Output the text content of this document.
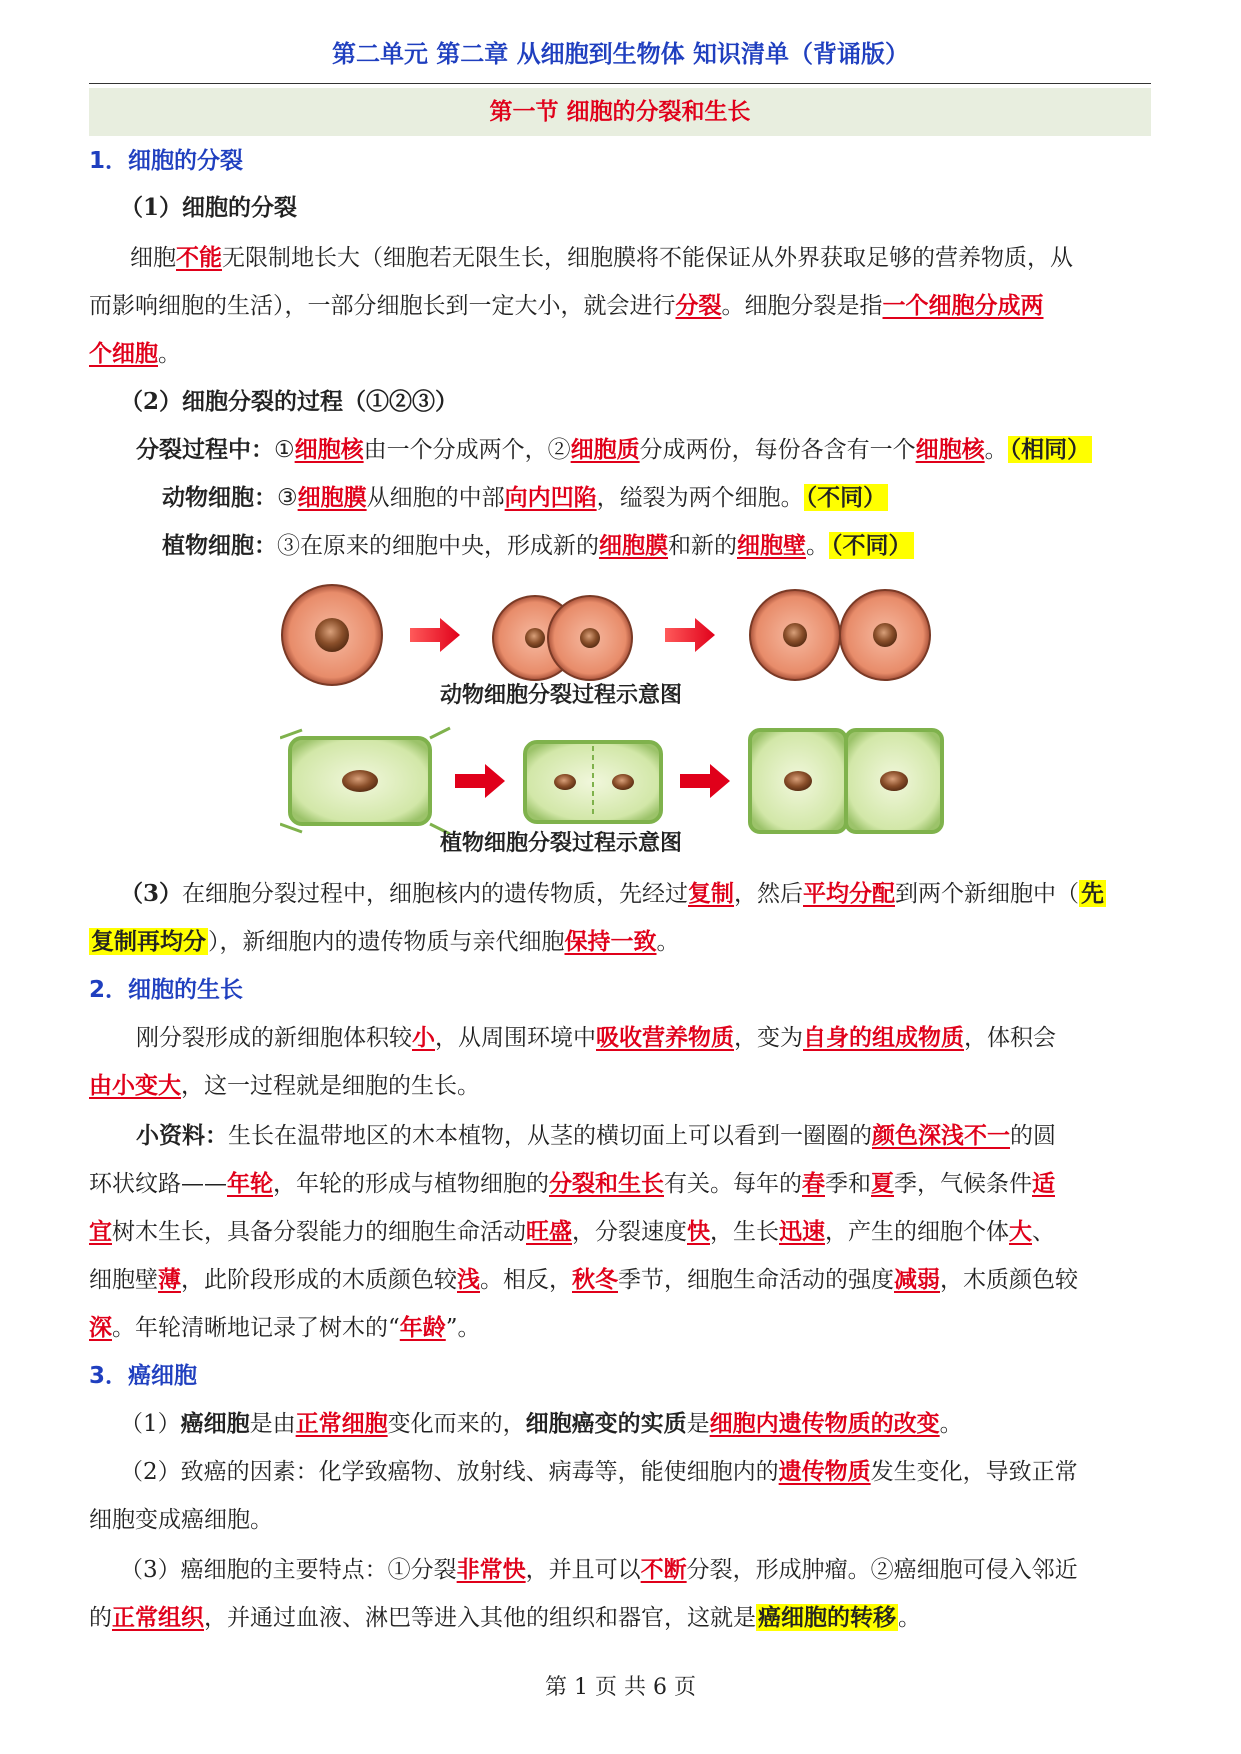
第二单元 第二章 从细胞到生物体 知识清单（背诵版）
第一节 细胞的分裂和生长

1．细胞的分裂

（1）细胞的分裂

细胞不能无限制地长大（细胞若无限生长，细胞膜将不能保证从外界获取足够的营养物质，从

而影响细胞的生活），一部分细胞长到一定大小，就会进行分裂。细胞分裂是指一个细胞分成两

个细胞。

（2）细胞分裂的过程（①②③）

分裂过程中：①细胞核由一个分成两个，②细胞质分成两份，每份各含有一个细胞核。（相同）

动物细胞：③细胞膜从细胞的中部向内凹陷，缢裂为两个细胞。（不同）

植物细胞：③在原来的细胞中央，形成新的细胞膜和新的细胞壁。（不同）

动物细胞分裂过程示意图
植物细胞分裂过程示意图

（3）在细胞分裂过程中，细胞核内的遗传物质，先经过复制，然后平均分配到两个新细胞中（先

复制再均分），新细胞内的遗传物质与亲代细胞保持一致。

2．细胞的生长

刚分裂形成的新细胞体积较小，从周围环境中吸收营养物质，变为自身的组成物质，体积会

由小变大，这一过程就是细胞的生长。

小资料：生长在温带地区的木本植物，从茎的横切面上可以看到一圈圈的颜色深浅不一的圆

环状纹路——年轮，年轮的形成与植物细胞的分裂和生长有关。每年的春季和夏季，气候条件适

宜树木生长，具备分裂能力的细胞生命活动旺盛，分裂速度快，生长迅速，产生的细胞个体大、

细胞壁薄，此阶段形成的木质颜色较浅。相反，秋冬季节，细胞生命活动的强度减弱，木质颜色较

深。年轮清晰地记录了树木的“年龄”。

3．癌细胞

（1）癌细胞是由正常细胞变化而来的，细胞癌变的实质是细胞内遗传物质的改变。

（2）致癌的因素：化学致癌物、放射线、病毒等，能使细胞内的遗传物质发生变化，导致正常

细胞变成癌细胞。

（3）癌细胞的主要特点：①分裂非常快，并且可以不断分裂，形成肿瘤。②癌细胞可侵入邻近

的正常组织，并通过血液、淋巴等进入其他的组织和器官，这就是癌细胞的转移。

第 1 页 共 6 页
